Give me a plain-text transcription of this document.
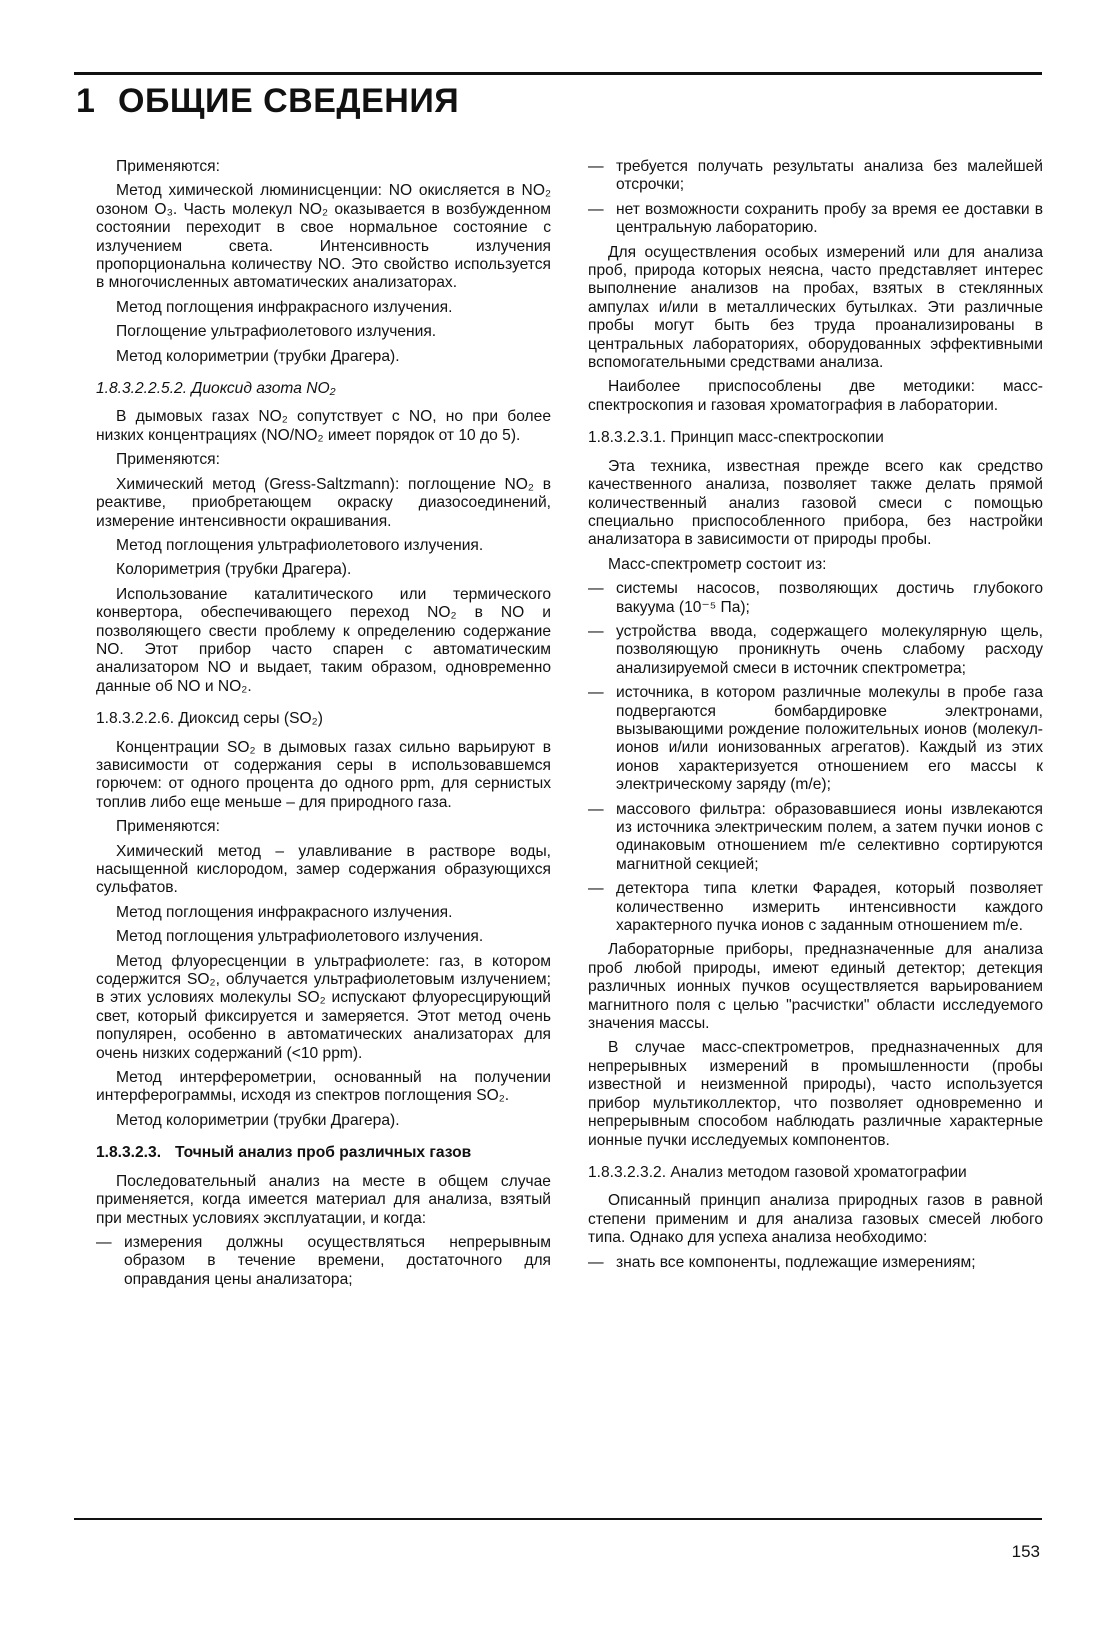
1 ОБЩИЕ СВЕДЕНИЯ

Применяются:

Метод химической люминисценции: NO окисляется в NO₂ озоном O₃. Часть молекул NO₂ оказывается в возбужденном состоянии переходит в свое нормальное состояние с излучением света. Интенсивность излучения пропорциональна количеству NO. Это свойство используется в многочисленных автоматических анализаторах.

Метод поглощения инфракрасного излучения.

Поглощение ультрафиолетового излучения.

Метод колориметрии (трубки Драгера).

1.8.3.2.2.5.2. Диоксид азота NO₂

В дымовых газах NO₂ сопутствует с NO, но при более низких концентрациях (NO/NO₂ имеет порядок от 10 до 5).

Применяются:

Химический метод (Gress-Saltzmann): поглощение NO₂ в реактиве, приобретающем окраску диазосоединений, измерение интенсивности окрашивания.

Метод поглощения ультрафиолетового излучения.

Колориметрия (трубки Драгера).

Использование каталитического или термического конвертора, обеспечивающего переход NO₂ в NO и позволяющего свести проблему к определению содержание NO. Этот прибор часто спарен с автоматическим анализатором NO и выдает, таким образом, одновременно данные об NO и NO₂.

1.8.3.2.2.6. Диоксид серы (SO₂)

Концентрации SO₂ в дымовых газах сильно варьируют в зависимости от содержания серы в использовавшемся горючем: от одного процента до одного ppm, для сернистых топлив либо еще меньше – для природного газа.

Применяются:

Химический метод – улавливание в растворе воды, насыщенной кислородом, замер содержания образующихся сульфатов.

Метод поглощения инфракрасного излучения.

Метод поглощения ультрафиолетового излучения.

Метод флуоресценции в ультрафиолете: газ, в котором содержится SO₂, облучается ультрафиолетовым излучением; в этих условиях молекулы SO₂ испускают флуоресцирующий свет, который фиксируется и замеряется. Этот метод очень популярен, особенно в автоматических анализаторах для очень низких содержаний (<10 ppm).

Метод интерферометрии, основанный на получении интерферограммы, исходя из спектров поглощения SO₂.

Метод колориметрии (трубки Драгера).

1.8.3.2.3. Точный анализ проб различных газов

Последовательный анализ на месте в общем случае применяется, когда имеется материал для анализа, взятый при местных условиях эксплуатации, и когда:

— измерения должны осуществляться непрерывным образом в течение времени, достаточного для оправдания цены анализатора;
— требуется получать результаты анализа без малейшей отсрочки;
— нет возможности сохранить пробу за время ее доставки в центральную лабораторию.

Для осуществления особых измерений или для анализа проб, природа которых неясна, часто представляет интерес выполнение анализов на пробах, взятых в стеклянных ампулах и/или в металлических бутылках. Эти различные пробы могут быть без труда проанализированы в центральных лабораториях, оборудованных эффективными вспомогательными средствами анализа.

Наиболее приспособлены две методики: масс-спектроскопия и газовая хроматография в лаборатории.

1.8.3.2.3.1. Принцип масс-спектроскопии

Эта техника, известная прежде всего как средство качественного анализа, позволяет также делать прямой количественный анализ газовой смеси с помощью специально приспособленного прибора, без настройки анализатора в зависимости от природы пробы.

Масс-спектрометр состоит из:

— системы насосов, позволяющих достичь глубокого вакуума (10⁻⁵ Па);
— устройства ввода, содержащего молекулярную щель, позволяющую проникнуть очень слабому расходу анализируемой смеси в источник спектрометра;
— источника, в котором различные молекулы в пробе газа подвергаются бомбардировке электронами, вызывающими рождение положительных ионов (молекул-ионов и/или ионизованных агрегатов). Каждый из этих ионов характеризуется отношением его массы к электрическому заряду (m/e);
— массового фильтра: образовавшиеся ионы извлекаются из источника электрическим полем, а затем пучки ионов с одинаковым отношением m/e селективно сортируются магнитной секцией;
— детектора типа клетки Фарадея, который позволяет количественно измерить интенсивности каждого характерного пучка ионов с заданным отношением m/e.

Лабораторные приборы, предназначенные для анализа проб любой природы, имеют единый детектор; детекция различных ионных пучков осуществляется варьированием магнитного поля с целью "расчистки" области исследуемого значения массы.

В случае масс-спектрометров, предназначенных для непрерывных измерений в промышленности (пробы известной и неизменной природы), часто используется прибор мультиколлектор, что позволяет одновременно и непрерывным способом наблюдать различные характерные ионные пучки исследуемых компонентов.

1.8.3.2.3.2. Анализ методом газовой хроматографии

Описанный принцип анализа природных газов в равной степени применим и для анализа газовых смесей любого типа. Однако для успеха анализа необходимо:

— знать все компоненты, подлежащие измерениям;
153
